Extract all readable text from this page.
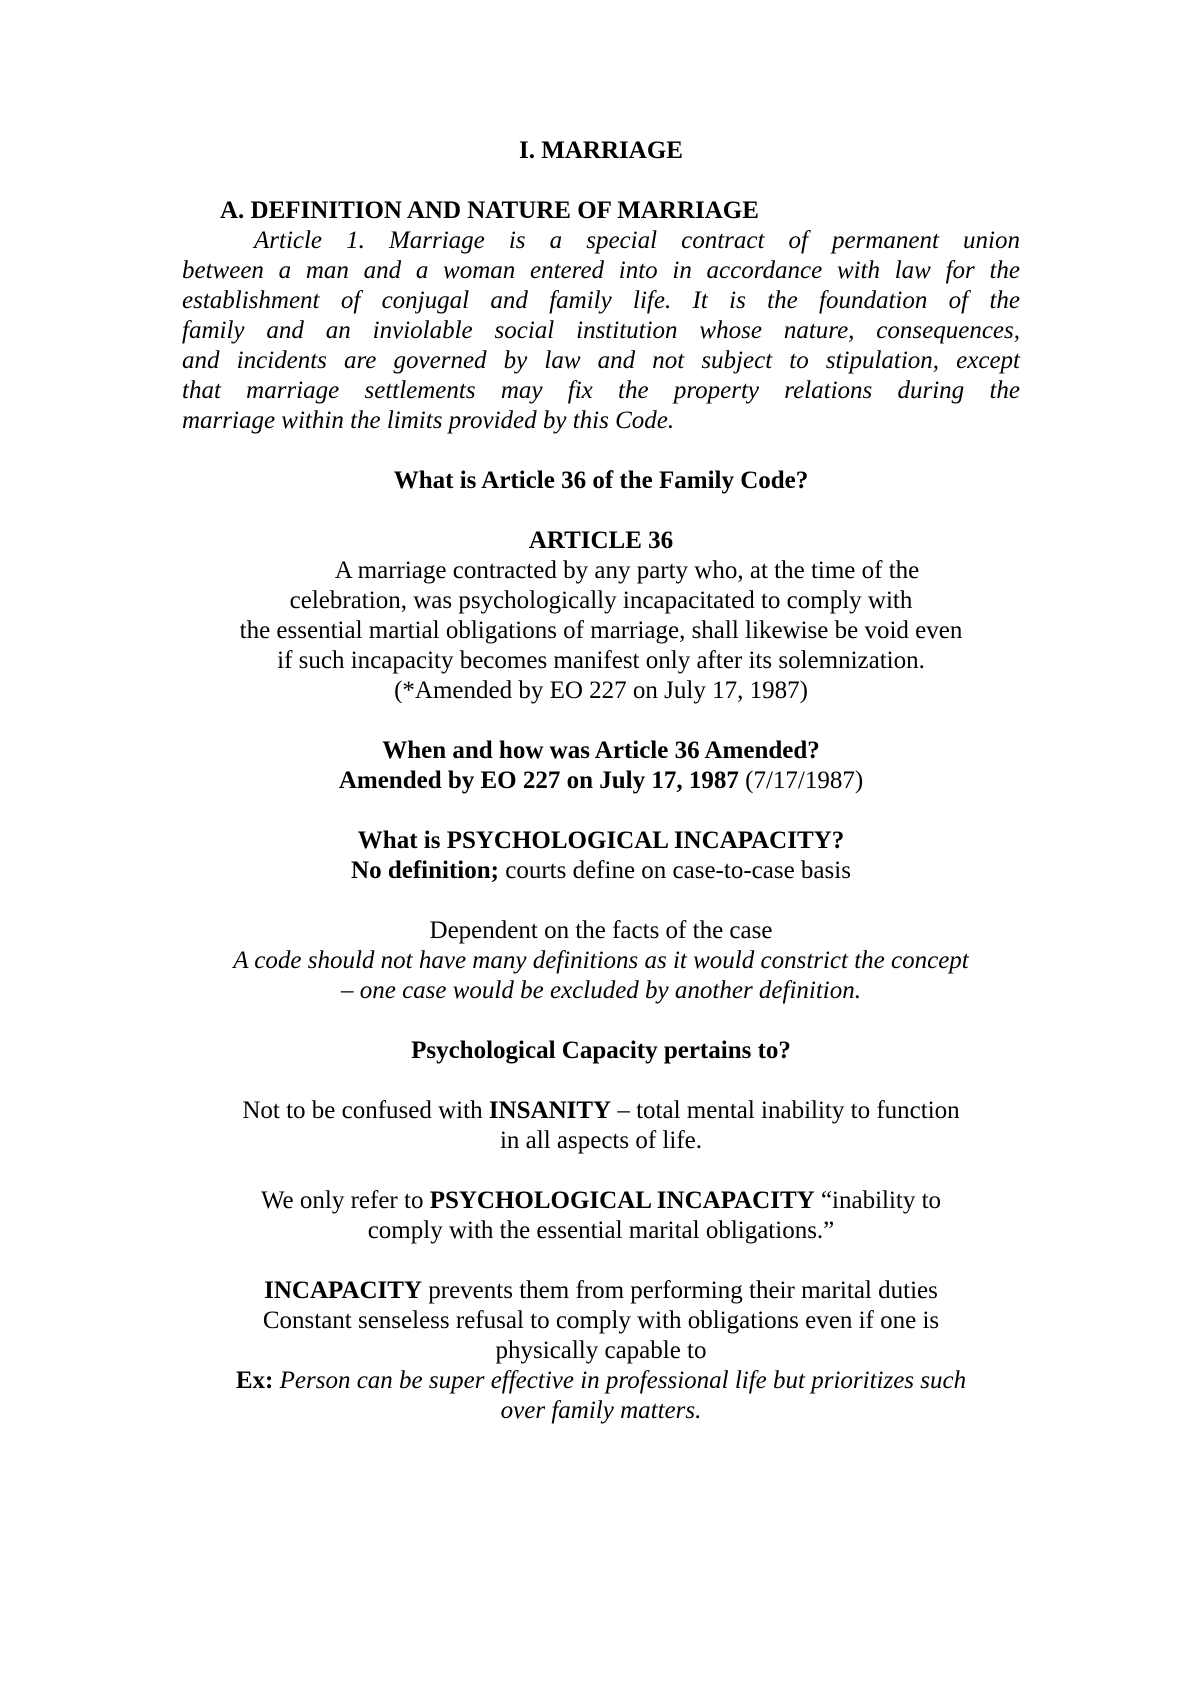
I. MARRIAGE
A. DEFINITION AND NATURE OF MARRIAGE
Article 1. Marriage is a special contract of permanent union
between a man and a woman entered into in accordance with law for the
establishment of conjugal and family life. It is the foundation of the
family and an inviolable social institution whose nature, consequences,
and incidents are governed by law and not subject to stipulation, except
that marriage settlements may fix the property relations during the
marriage within the limits provided by this Code.
What is Article 36 of the Family Code?
ARTICLE 36
A marriage contracted by any party who, at the time of the
celebration, was psychologically incapacitated to comply with
the essential martial obligations of marriage, shall likewise be void even
if such incapacity becomes manifest only after its solemnization.
(*Amended by EO 227 on July 17, 1987)
When and how was Article 36 Amended?
Amended by EO 227 on July 17, 1987 (7/17/1987)
What is PSYCHOLOGICAL INCAPACITY?
No definition; courts define on case-to-case basis
Dependent on the facts of the case
A code should not have many definitions as it would constrict the concept
– one case would be excluded by another definition.
Psychological Capacity pertains to?
Not to be confused with INSANITY – total mental inability to function
in all aspects of life.
We only refer to PSYCHOLOGICAL INCAPACITY “inability to
comply with the essential marital obligations.”
INCAPACITY prevents them from performing their marital duties
Constant senseless refusal to comply with obligations even if one is
physically capable to
Ex: Person can be super effective in professional life but prioritizes such
over family matters.
